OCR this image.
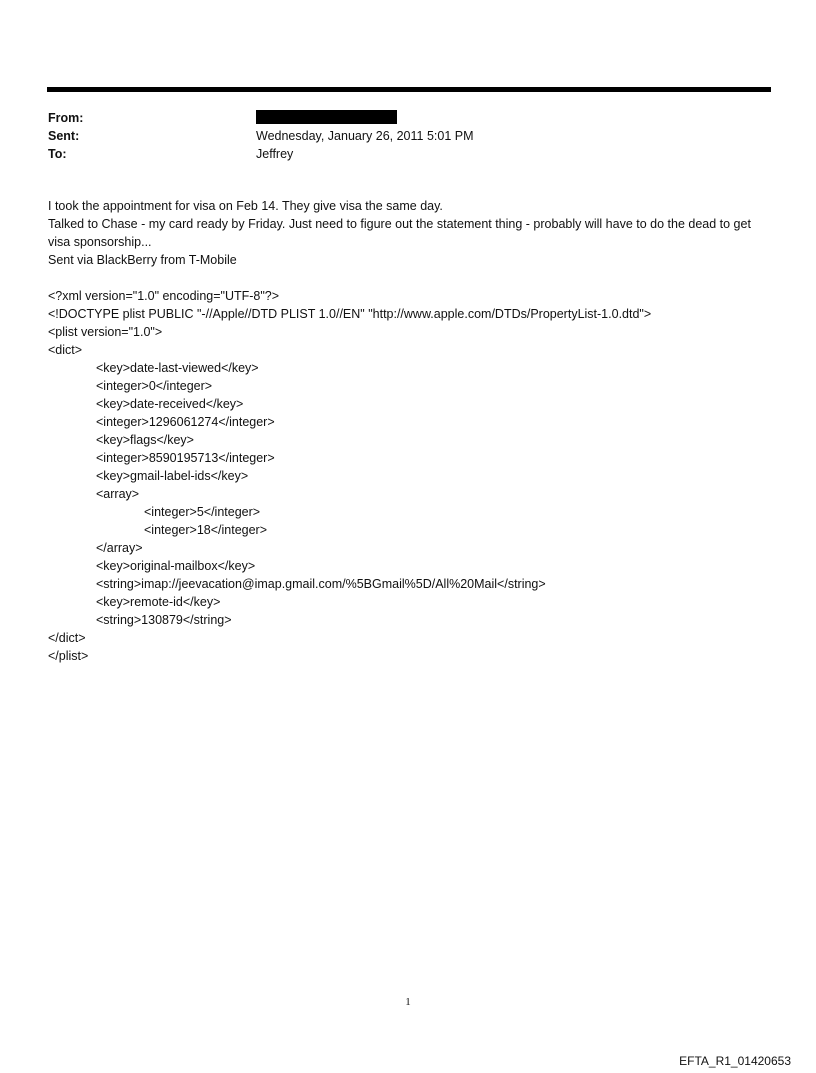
From:
Sent:	Wednesday, January 26, 2011 5:01 PM
To:	Jeffrey

I took the appointment for visa on Feb 14. They give visa the same day.

Talked to Chase - my card ready by Friday. Just need to figure out the statement thing - probably will have to do the dead to get visa sponsorship...

Sent via BlackBerry from T-Mobile

<?xml version="1.0" encoding="UTF-8"?>
<!DOCTYPE plist PUBLIC "-//Apple//DTD PLIST 1.0//EN" "http://www.apple.com/DTDs/PropertyList-1.0.dtd">
<plist version="1.0">
<dict>
<key>date-last-viewed</key>
<integer>0</integer>
<key>date-received</key>
<integer>1296061274</integer>
<key>flags</key>
<integer>8590195713</integer>
<key>gmail-label-ids</key>
<array>
<integer>5</integer>
<integer>18</integer>
</array>
<key>original-mailbox</key>
<string>imap://jeevacation@imap.gmail.com/%5BGmail%5D/All%20Mail</string>
<key>remote-id</key>
<string>130879</string>
</dict>
</plist>
1
EFTA_R1_01420653
